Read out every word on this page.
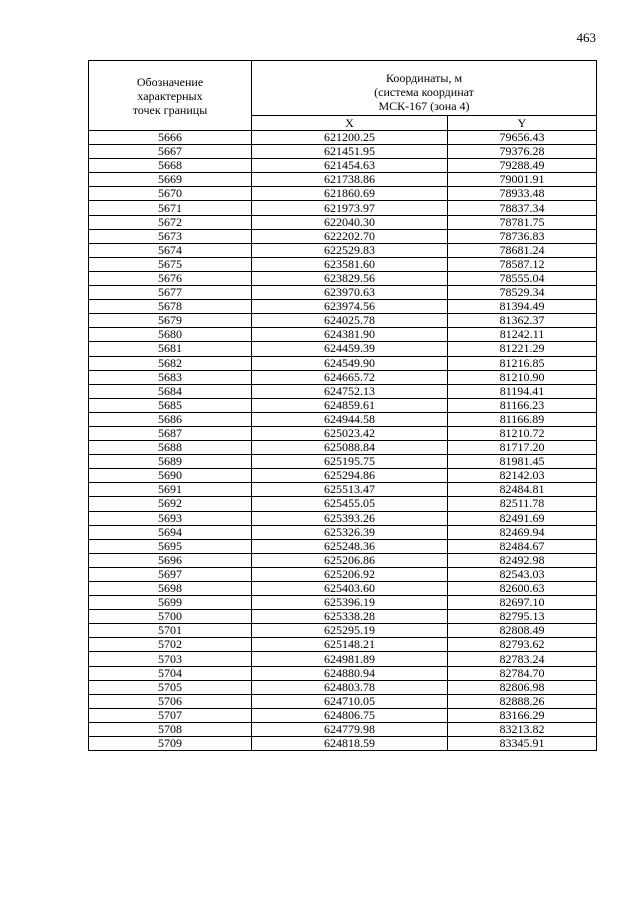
463
Обозначение
характерных
точек границы	Координаты, м
(система координат
МСК-167 (зона 4)	

	X	Y
5666	621200.25	79656.43
5667	621451.95	79376.28
5668	621454.63	79288.49
5669	621738.86	79001.91
5670	621860.69	78933.48
5671	621973.97	78837.34
5672	622040.30	78781.75
5673	622202.70	78736.83
5674	622529.83	78681.24
5675	623581.60	78587.12
5676	623829.56	78555.04
5677	623970.63	78529.34
5678	623974.56	81394.49
5679	624025.78	81362.37
5680	624381.90	81242.11
5681	624459.39	81221.29
5682	624549.90	81216.85
5683	624665.72	81210.90
5684	624752.13	81194.41
5685	624859.61	81166.23
5686	624944.58	81166.89
5687	625023.42	81210.72
5688	625088.84	81717.20
5689	625195.75	81981.45
5690	625294.86	82142.03
5691	625513.47	82484.81
5692	625455.05	82511.78
5693	625393.26	82491.69
5694	625326.39	82469.94
5695	625248.36	82484.67
5696	625206.86	82492.98
5697	625206.92	82543.03
5698	625403.60	82600.63
5699	625396.19	82697.10
5700	625338.28	82795.13
5701	625295.19	82808.49
5702	625148.21	82793.62
5703	624981.89	82783.24
5704	624880.94	82784.70
5705	624803.78	82806.98
5706	624710.05	82888.26
5707	624806.75	83166.29
5708	624779.98	83213.82
5709	624818.59	83345.91
